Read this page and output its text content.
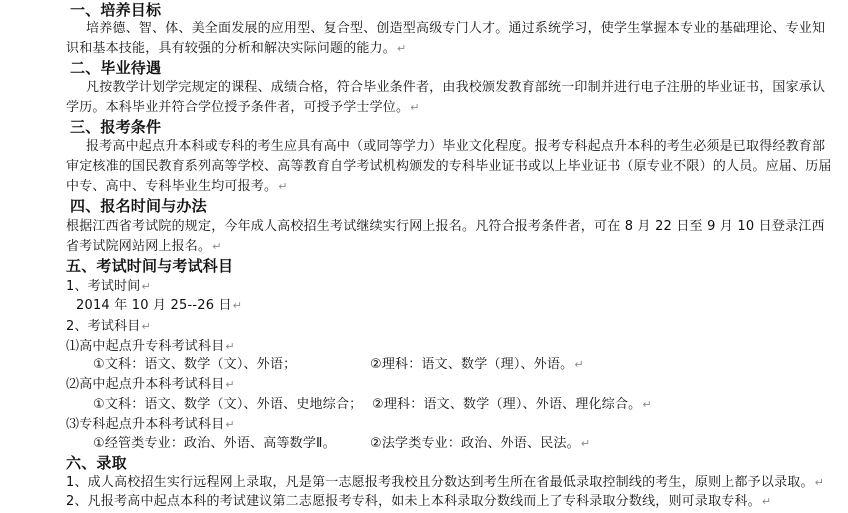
一、培养目标
培养德、智、体、美全面发展的应用型、复合型、创造型高级专门人才。通过系统学习，使学生掌握本专业的基础理论、专业知
识和基本技能，具有较强的分析和解决实际问题的能力。↵
二、毕业待遇
凡按教学计划学完规定的课程、成绩合格，符合毕业条件者，由我校颁发教育部统一印制并进行电子注册的毕业证书，国家承认
学历。本科毕业并符合学位授予条件者，可授予学士学位。↵
三、报考条件
报考高中起点升本科或专科的考生应具有高中（或同等学力）毕业文化程度。报考专科起点升本科的考生必须是已取得经教育部
审定核准的国民教育系列高等学校、高等教育自学考试机构颁发的专科毕业证书或以上毕业证书（原专业不限）的人员。应届、历届
中专、高中、专科毕业生均可报考。↵
四、报名时间与办法
根据江西省考试院的规定，今年成人高校招生考试继续实行网上报名。凡符合报考条件者，可在 8 月 22 日至 9 月 10 日登录江西
省考试院网站网上报名。↵
五、考试时间与考试科目
1、考试时间↵
2014 年 10 月 25--26 日↵
2、考试科目↵
⑴高中起点升专科考试科目↵
①文科：语文、数学（文）、外语；	②理科：语文、数学（理）、外语。↵
⑵高中起点升本科考试科目↵
①文科：语文、数学（文）、外语、史地综合； ②理科：语文、数学（理）、外语、理化综合。↵
⑶专科起点升本科考试科目↵
①经管类专业：政治、外语、高等数学Ⅱ。	②法学类专业：政治、外语、民法。↵
六、录取
1、成人高校招生实行远程网上录取，凡是第一志愿报考我校且分数达到考生所在省最低录取控制线的考生，原则上都予以录取。↵
2、凡报考高中起点本科的考试建议第二志愿报考专科，如未上本科录取分数线而上了专科录取分数线，则可录取专科。↵
